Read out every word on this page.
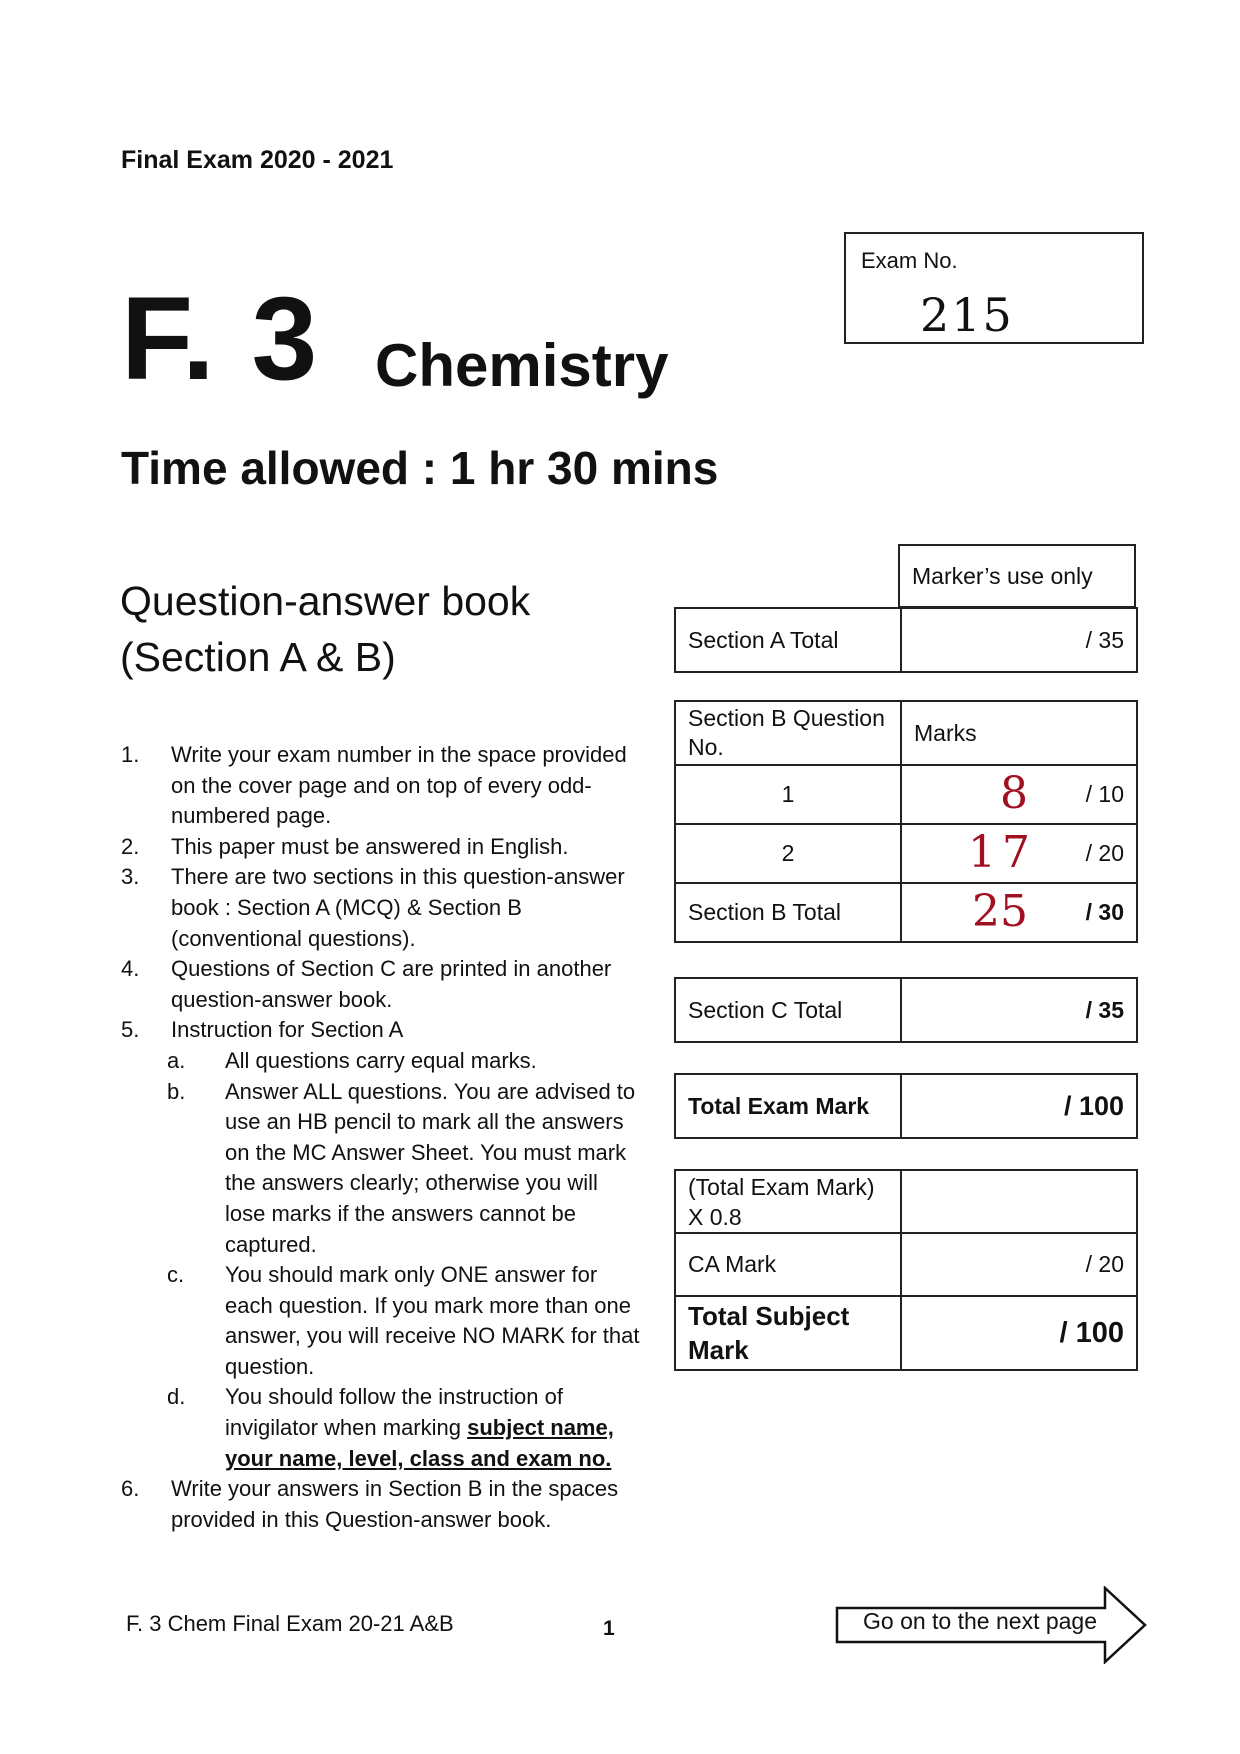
Final Exam 2020 - 2021
F. 3 Chemistry
Time allowed : 1 hr 30 mins
Question-answer book
(Section A & B)
Exam No.
215
Marker’s use only
Section A Total	/ 35
Section B Question No.	Marks
1	8 / 10
2	17 / 20
Section B Total	25 / 30
Section C Total	/ 35
Total Exam Mark	/ 100
(Total Exam Mark) X 0.8	
CA Mark	/ 20
Total Subject Mark	/ 100
1. Write your exam number in the space provided on the cover page and on top of every odd-numbered page.
2. This paper must be answered in English.
3. There are two sections in this question-answer book : Section A (MCQ) & Section B (conventional questions).
4. Questions of Section C are printed in another question-answer book.
5. Instruction for Section A
a. All questions carry equal marks.
b. Answer ALL questions. You are advised to use an HB pencil to mark all the answers on the MC Answer Sheet. You must mark the answers clearly; otherwise you will lose marks if the answers cannot be captured.
c. You should mark only ONE answer for each question. If you mark more than one answer, you will receive NO MARK for that question.
d. You should follow the instruction of invigilator when marking subject name, your name, level, class and exam no.
6. Write your answers in Section B in the spaces provided in this Question-answer book.
F. 3 Chem Final Exam 20-21 A&B	1	Go on to the next page
